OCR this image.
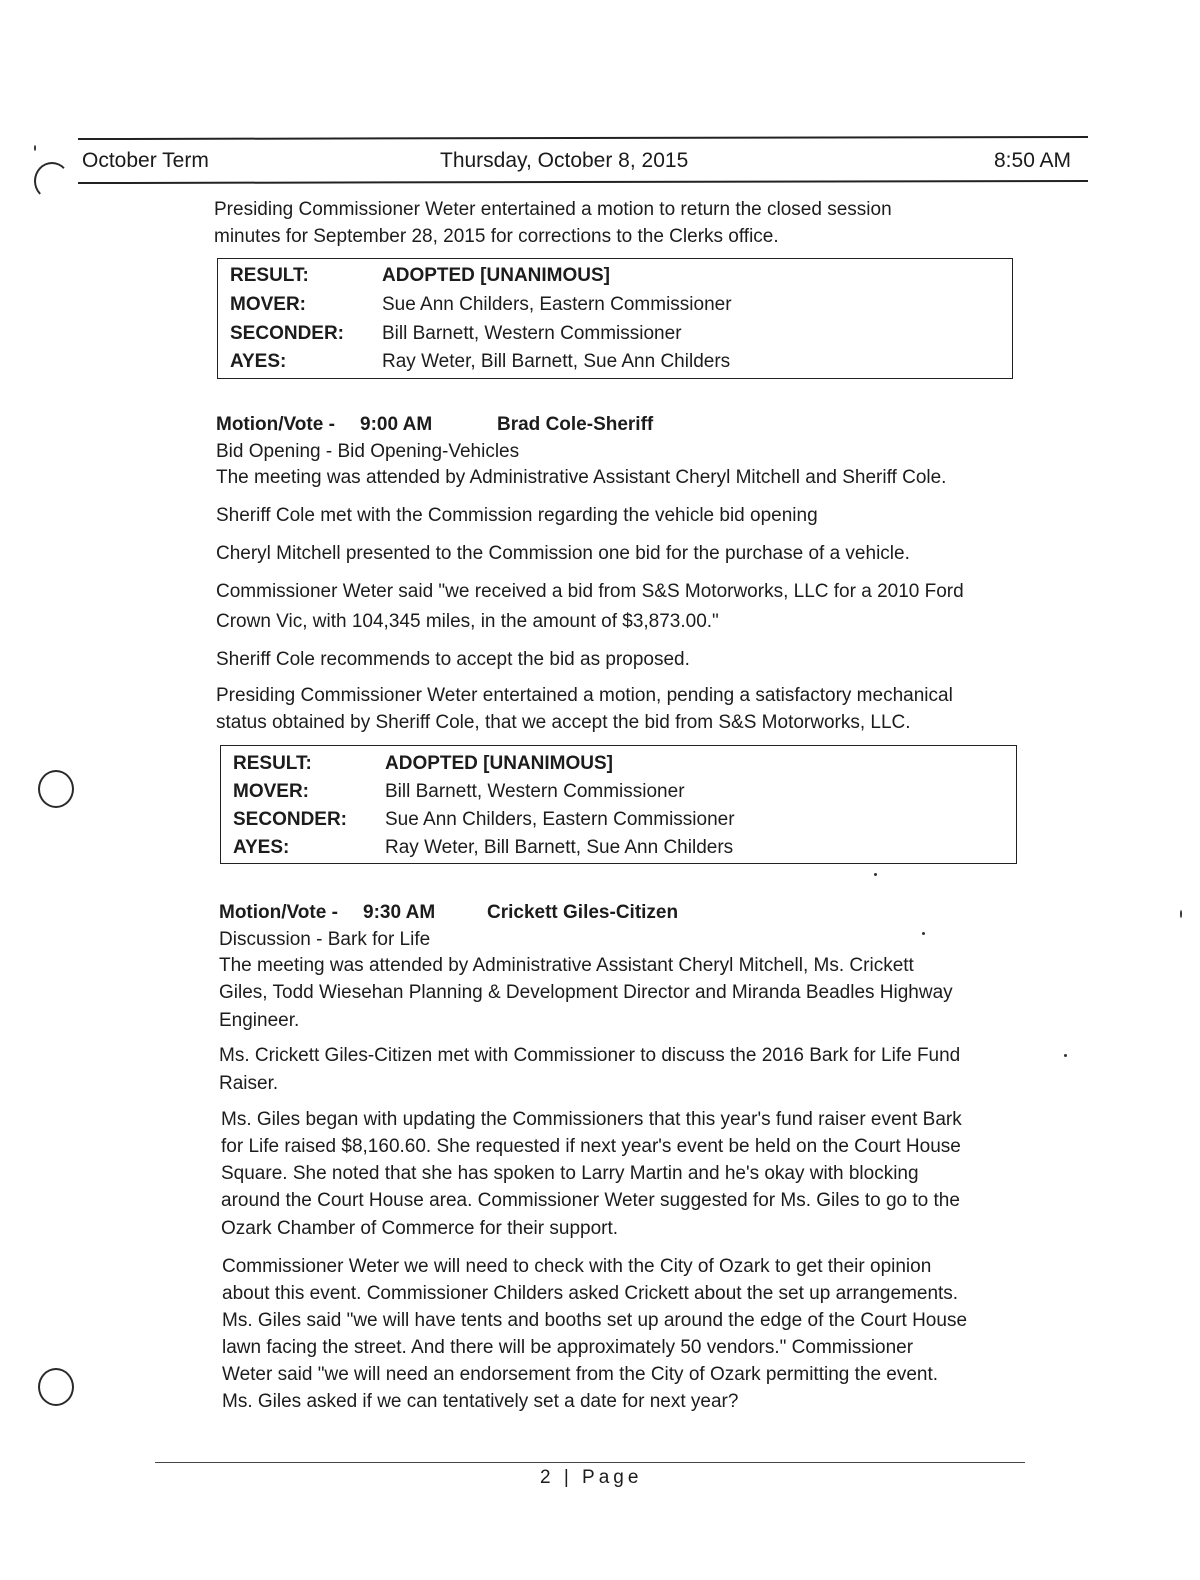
October Term	Thursday, October 8, 2015	8:50 AM
Presiding Commissioner Weter entertained a motion to return the closed session
minutes for September 28, 2015 for corrections to the Clerks office.
RESULT:	ADOPTED [UNANIMOUS]
MOVER:	Sue Ann Childers, Eastern Commissioner
SECONDER:	Bill Barnett, Western Commissioner
AYES:	Ray Weter, Bill Barnett, Sue Ann Childers
Motion/Vote - 9:00 AM	Brad Cole-Sheriff
Bid Opening - Bid Opening-Vehicles
The meeting was attended by Administrative Assistant Cheryl Mitchell and Sheriff Cole.
Sheriff Cole met with the Commission regarding the vehicle bid opening
Cheryl Mitchell presented to the Commission one bid for the purchase of a vehicle.
Commissioner Weter said "we received a bid from S&S Motorworks, LLC for a 2010 Ford
Crown Vic, with 104,345 miles, in the amount of $3,873.00."
Sheriff Cole recommends to accept the bid as proposed.
Presiding Commissioner Weter entertained a motion, pending a satisfactory mechanical
status obtained by Sheriff Cole, that we accept the bid from S&S Motorworks, LLC.
RESULT:	ADOPTED [UNANIMOUS]
MOVER:	Bill Barnett, Western Commissioner
SECONDER:	Sue Ann Childers, Eastern Commissioner
AYES:	Ray Weter, Bill Barnett, Sue Ann Childers
Motion/Vote - 9:30 AM	Crickett Giles-Citizen
Discussion - Bark for Life
The meeting was attended by Administrative Assistant Cheryl Mitchell, Ms. Crickett
Giles, Todd Wiesehan Planning & Development Director and Miranda Beadles Highway
Engineer.
Ms. Crickett Giles-Citizen met with Commissioner to discuss the 2016 Bark for Life Fund
Raiser.
Ms. Giles began with updating the Commissioners that this year's fund raiser event Bark
for Life raised $8,160.60. She requested if next year's event be held on the Court House
Square. She noted that she has spoken to Larry Martin and he's okay with blocking
around the Court House area. Commissioner Weter suggested for Ms. Giles to go to the
Ozark Chamber of Commerce for their support.
Commissioner Weter we will need to check with the City of Ozark to get their opinion
about this event. Commissioner Childers asked Crickett about the set up arrangements.
Ms. Giles said "we will have tents and booths set up around the edge of the Court House
lawn facing the street. And there will be approximately 50 vendors." Commissioner
Weter said "we will need an endorsement from the City of Ozark permitting the event.
Ms. Giles asked if we can tentatively set a date for next year?
2 | Page
